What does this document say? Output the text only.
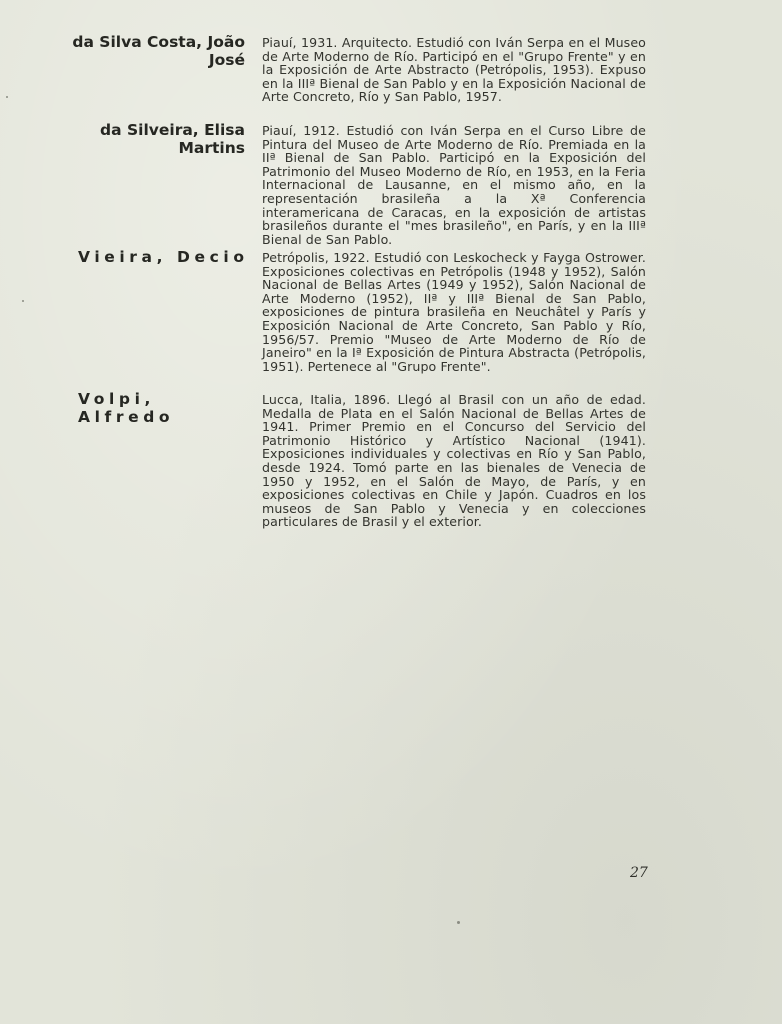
da Silva Costa, João
José
Piauí, 1931. Arquitecto. Estudió con Iván Serpa en el Museo de Arte Moderno de Río. Participó en el "Grupo Frente" y en la Exposición de Arte Abstracto (Petrópolis, 1953). Expuso en la IIIª Bienal de San Pablo y en la Exposición Nacional de Arte Concreto, Río y San Pablo, 1957.
da Silveira, Elisa
Martins
Piauí, 1912. Estudió con Iván Serpa en el Curso Libre de Pintura del Museo de Arte Moderno de Río. Premiada en la IIª Bienal de San Pablo. Participó en la Exposición del Patrimonio del Museo Moderno de Río, en 1953, en la Feria Internacional de Lausanne, en el mismo año, en la representación brasileña a la Xª Conferencia interamericana de Caracas, en la exposición de artistas brasileños durante el "mes brasileño", en París, y en la IIIª Bienal de San Pablo.
Vieira, Decio	Petrópolis, 1922. Estudió con Leskocheck y Fayga Ostrower. Exposiciones colectivas en Petrópolis (1948 y 1952), Salón Nacional de Bellas Artes (1949 y 1952), Salón Nacional de Arte Moderno (1952), IIª y IIIª Bienal de San Pablo, exposiciones de pintura brasileña en Neuchâtel y París y Exposición Nacional de Arte Concreto, San Pablo y Río, 1956/57. Premio "Museo de Arte Moderno de Río de Janeiro" en la Iª Exposición de Pintura Abstracta (Petrópolis, 1951). Pertenece al "Grupo Frente".
Volpi, Alfredo
Lucca, Italia, 1896. Llegó al Brasil con un año de edad. Medalla de Plata en el Salón Nacional de Bellas Artes de 1941. Primer Premio en el Concurso del Servicio del Patrimonio Histórico y Artístico Nacional (1941). Exposiciones individuales y colectivas en Río y San Pablo, desde 1924. Tomó parte en las bienales de Venecia de 1950 y 1952, en el Salón de Mayo, de París, y en exposiciones colectivas en Chile y Japón. Cuadros en los museos de San Pablo y Venecia y en colecciones particulares de Brasil y el exterior.
27
